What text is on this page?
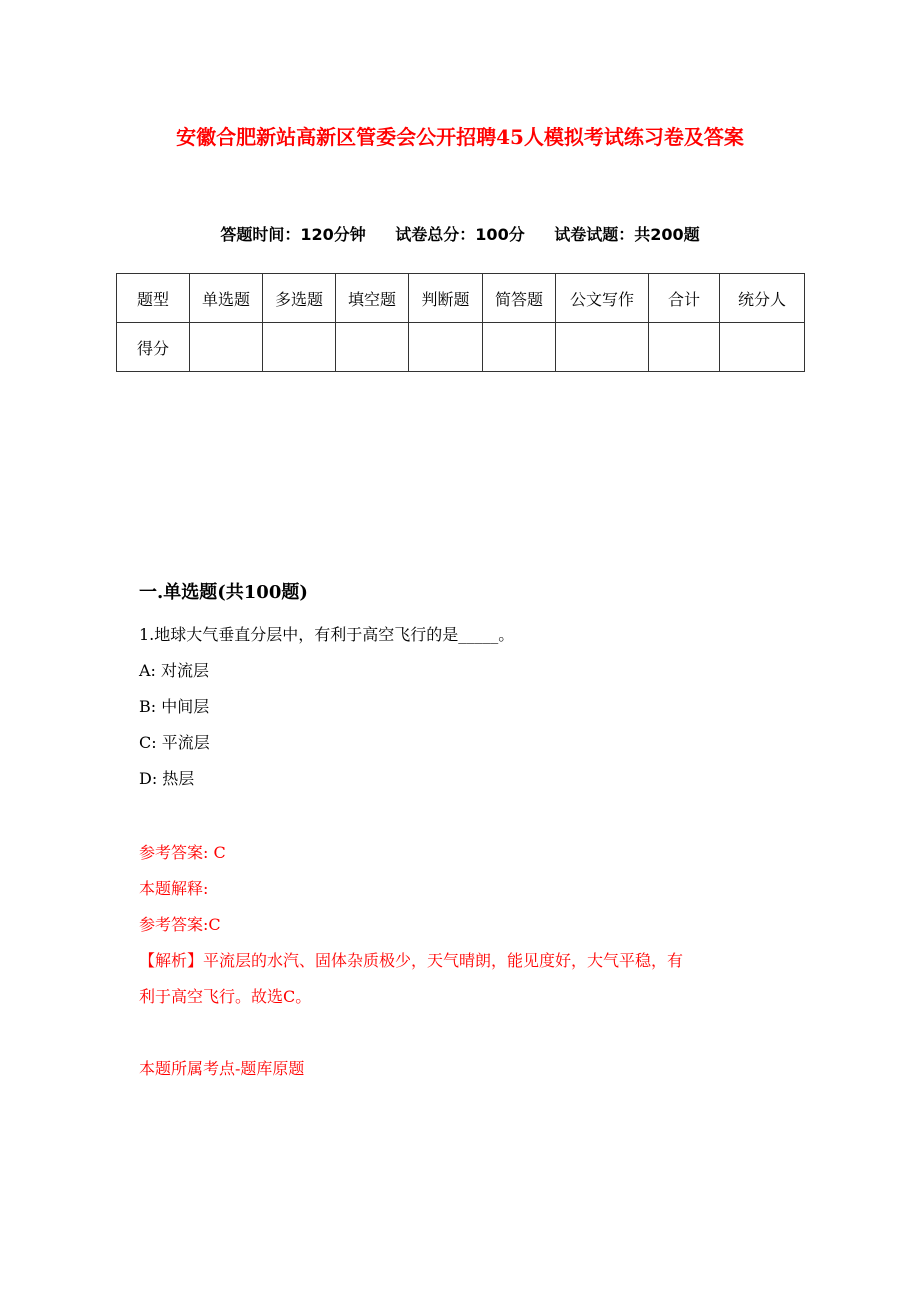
安徽合肥新站高新区管委会公开招聘45人模拟考试练习卷及答案
答题时间：120分钟 试卷总分：100分 试卷试题：共200题
题型	单选题	多选题	填空题	判断题	简答题	公文写作	合计	统分人
得分								
一.单选题(共100题)
1.地球大气垂直分层中，有利于高空飞行的是_____。
A: 对流层
B: 中间层
C: 平流层
D: 热层
参考答案: C
本题解释:
参考答案:C
【解析】平流层的水汽、固体杂质极少，天气晴朗，能见度好，大气平稳，有
利于高空飞行。故选C。
本题所属考点-题库原题
